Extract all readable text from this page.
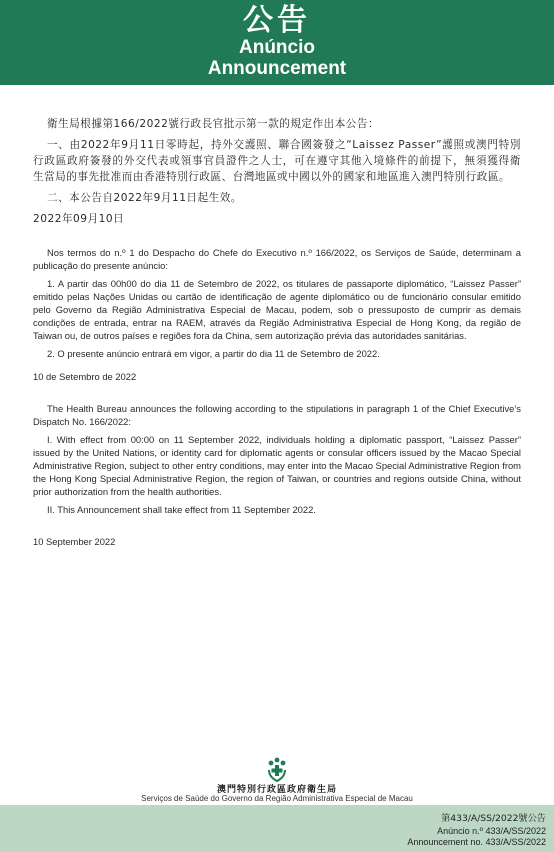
公告
Anúncio
Announcement

衛生局根據第166/2022號行政長官批示第一款的規定作出本公告：

一、由2022年9月11日零時起，持外交護照、聯合國簽發之“Laissez Passer”護照或澳門特別行政區政府簽發的外交代表或領事官員證件之人士，可在遵守其他入境條件的前提下，無須獲得衛生當局的事先批准而由香港特別行政區、台灣地區或中國以外的國家和地區進入澳門特別行政區。

二、本公告自2022年9月11日起生效。

2022年09月10日

Nos termos do n.º 1 do Despacho do Chefe do Executivo n.º 166/2022, os Serviços de Saúde, determinam a publicação do presente anúncio:

1. A partir das 00h00 do dia 11 de Setembro de 2022, os titulares de passaporte diplomático, “Laissez Passer” emitido pelas Nações Unidas ou cartão de identificação de agente diplomático ou de funcionário consular emitido pelo Governo da Região Administrativa Especial de Macau, podem, sob o pressuposto de cumprir as demais condições de entrada, entrar na RAEM, através da Região Administrativa Especial de Hong Kong, da região de Taiwan ou, de outros países e regiões fora da China, sem autorização prévia das autoridades sanitárias.

2. O presente anúncio entrará em vigor, a partir do dia 11 de Setembro de 2022.

10 de Setembro de 2022

The Health Bureau announces the following according to the stipulations in paragraph 1 of the Chief Executive’s Dispatch No. 166/2022:

I. With effect from 00:00 on 11 September 2022, individuals holding a diplomatic passport, “Laissez Passer” issued by the United Nations, or identity card for diplomatic agents or consular officers issued by the Macao Special Administrative Region, subject to other entry conditions, may enter into the Macao Special Administrative Region from the Hong Kong Special Administrative Region, the region of Taiwan, or countries and regions outside China, without prior authorization from the health authorities.

II. This Announcement shall take effect from 11 September 2022.

10 September 2022

澳門特別行政區政府衛生局
Serviços de Saúde do Governo da Região Administrativa Especial de Macau
第433/A/SS/2022號公告
Anúncio n.º 433/A/SS/2022
Announcement no. 433/A/SS/2022
